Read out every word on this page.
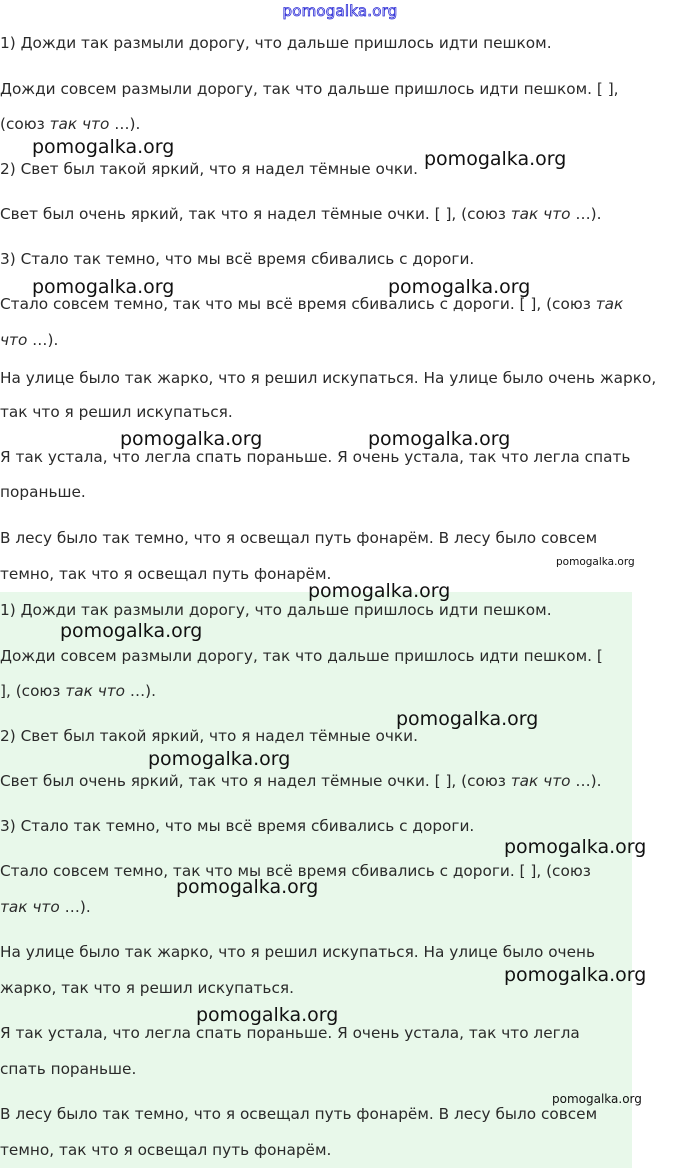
pomogalka.org

1) Дожди так размыли дорогу, что дальше пришлось идти пешком.

Дожди совсем размыли дорогу, так что дальше пришлось идти пешком. [ ],

(союз так что …).

2) Свет был такой яркий, что я надел тёмные очки.

Свет был очень яркий, так что я надел тёмные очки. [ ], (союз так что …).

3) Стало так темно, что мы всё время сбивались с дороги.

Стало совсем темно, так что мы всё время сбивались с дороги. [ ], (союз так

что …).

На улице было так жарко, что я решил искупаться. На улице было очень жарко,

так что я решил искупаться.

Я так устала, что легла спать пораньше. Я очень устала, так что легла спать

пораньше.

В лесу было так темно, что я освещал путь фонарём. В лесу было совсем

темно, так что я освещал путь фонарём.

1) Дожди так размыли дорогу, что дальше пришлось идти пешком.

Дожди совсем размыли дорогу, так что дальше пришлось идти пешком. [

], (союз так что …).

2) Свет был такой яркий, что я надел тёмные очки.

Свет был очень яркий, так что я надел тёмные очки. [ ], (союз так что …).

3) Стало так темно, что мы всё время сбивались с дороги.

Стало совсем темно, так что мы всё время сбивались с дороги. [ ], (союз

так что …).

На улице было так жарко, что я решил искупаться. На улице было очень

жарко, так что я решил искупаться.

Я так устала, что легла спать пораньше. Я очень устала, так что легла

спать пораньше.

В лесу было так темно, что я освещал путь фонарём. В лесу было совсем

темно, так что я освещал путь фонарём.

pomogalka.org
pomogalka.org
pomogalka.org	pomogalka.org
pomogalka.org	pomogalka.org
pomogalka.org
pomogalka.org
pomogalka.org
pomogalka.org
pomogalka.org
pomogalka.org
pomogalka.org
pomogalka.org
pomogalka.org
pomogalka.org
